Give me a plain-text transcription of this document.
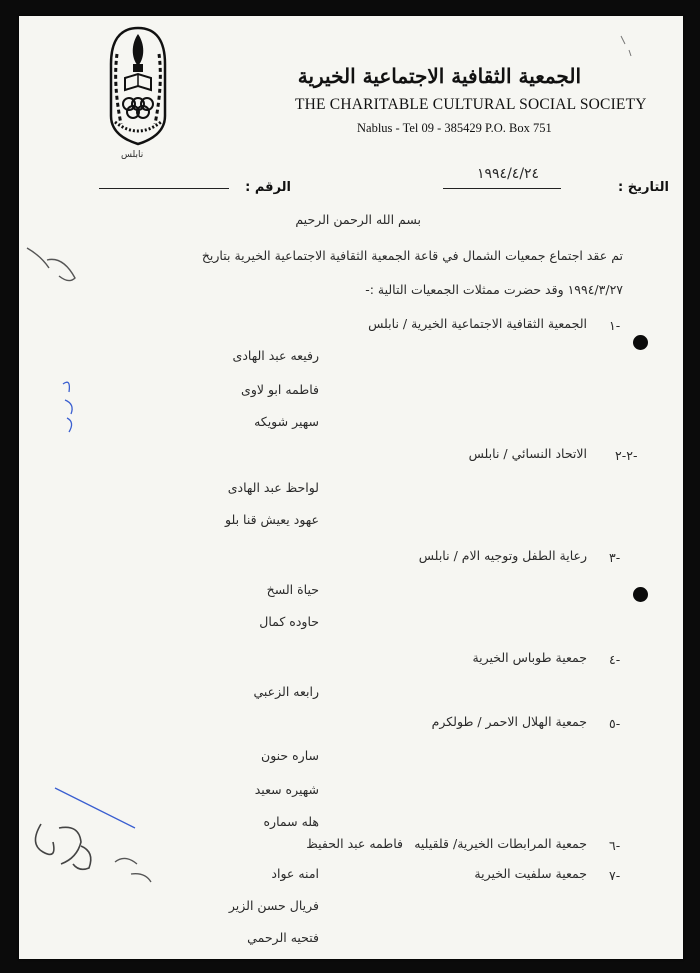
نابلس
الجمعية الثقافية الاجتماعية الخيرية
THE CHARITABLE CULTURAL SOCIAL SOCIETY
Nablus - Tel 09 - 385429 P.O. Box 751
التاريخ :
١٩٩٤/٤/٢٤
الرقم :
بسم الله الرحمن الرحيم
تم عقد اجتماع جمعيات الشمال في قاعة الجمعية الثقافية الاجتماعية الخيرية بتاريخ
١٩٩٤/٣/٢٧ وقد حضرت ممثلات الجمعيات التالية :-
١-
الجمعية الثقافية الاجتماعية الخيرية / نابلس
رفيعه عبد الهادى
فاطمه ابو لاوى
سهير شويكه
٢-٢-
الاتحاد النسائي / نابلس
لواحظ عبد الهادى
عهود يعيش قنا بلو
٣-
رعاية الطفل وتوجيه الام / نابلس
حياة السخ
حاوده كمال
٤-
جمعية طوباس الخيرية
رابعه الزعبي
٥-
جمعية الهلال الاحمر / طولكرم
ساره حنون
شهيره سعيد
هله سماره
٦-
جمعية المرابطات الخيرية/ قلقيليه
فاطمه عبد الحفيظ
٧-
جمعية سلفيت الخيرية
امنه عواد
فريال حسن الزير
فتحيه الرحمي
